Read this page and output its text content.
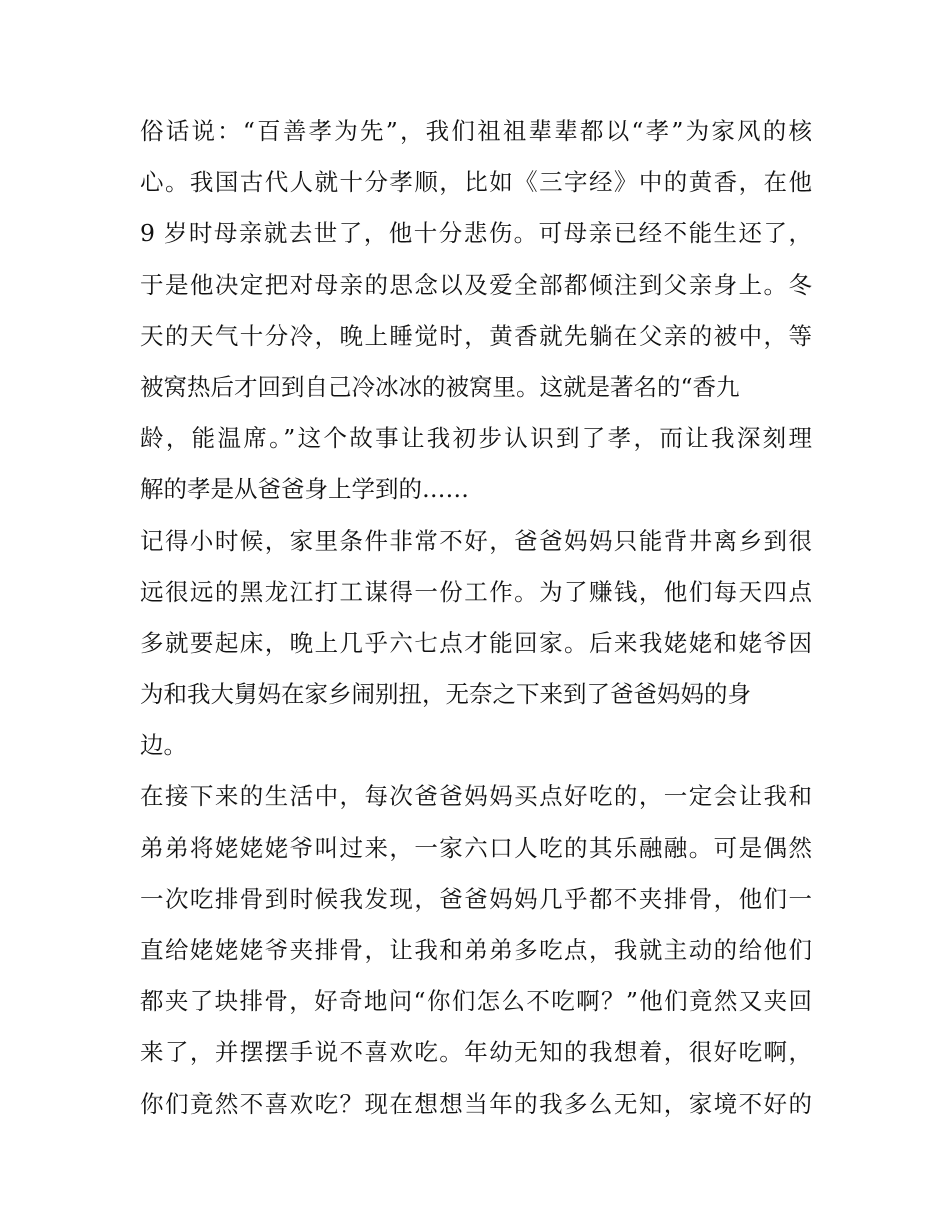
俗话说：“百善孝为先”，我们祖祖辈辈都以“孝”为家风的核
心。我国古代人就十分孝顺，比如《三字经》中的黄香，在他
9 岁时母亲就去世了，他十分悲伤。可母亲已经不能生还了，
于是他决定把对母亲的思念以及爱全部都倾注到父亲身上。冬
天的天气十分冷，晚上睡觉时，黄香就先躺在父亲的被中，等
被窝热后才回到自己冷冰冰的被窝里。这就是著名的“香九
龄，能温席。”这个故事让我初步认识到了孝，而让我深刻理
解的孝是从爸爸身上学到的……
记得小时候，家里条件非常不好，爸爸妈妈只能背井离乡到很
远很远的黑龙江打工谋得一份工作。为了赚钱，他们每天四点
多就要起床，晚上几乎六七点才能回家。后来我姥姥和姥爷因
为和我大舅妈在家乡闹别扭，无奈之下来到了爸爸妈妈的身
边。
在接下来的生活中，每次爸爸妈妈买点好吃的，一定会让我和
弟弟将姥姥姥爷叫过来，一家六口人吃的其乐融融。可是偶然
一次吃排骨到时候我发现，爸爸妈妈几乎都不夹排骨，他们一
直给姥姥姥爷夹排骨，让我和弟弟多吃点，我就主动的给他们
都夹了块排骨，好奇地问“你们怎么不吃啊？”他们竟然又夹回
来了，并摆摆手说不喜欢吃。年幼无知的我想着，很好吃啊，
你们竟然不喜欢吃？现在想想当年的我多么无知，家境不好的
